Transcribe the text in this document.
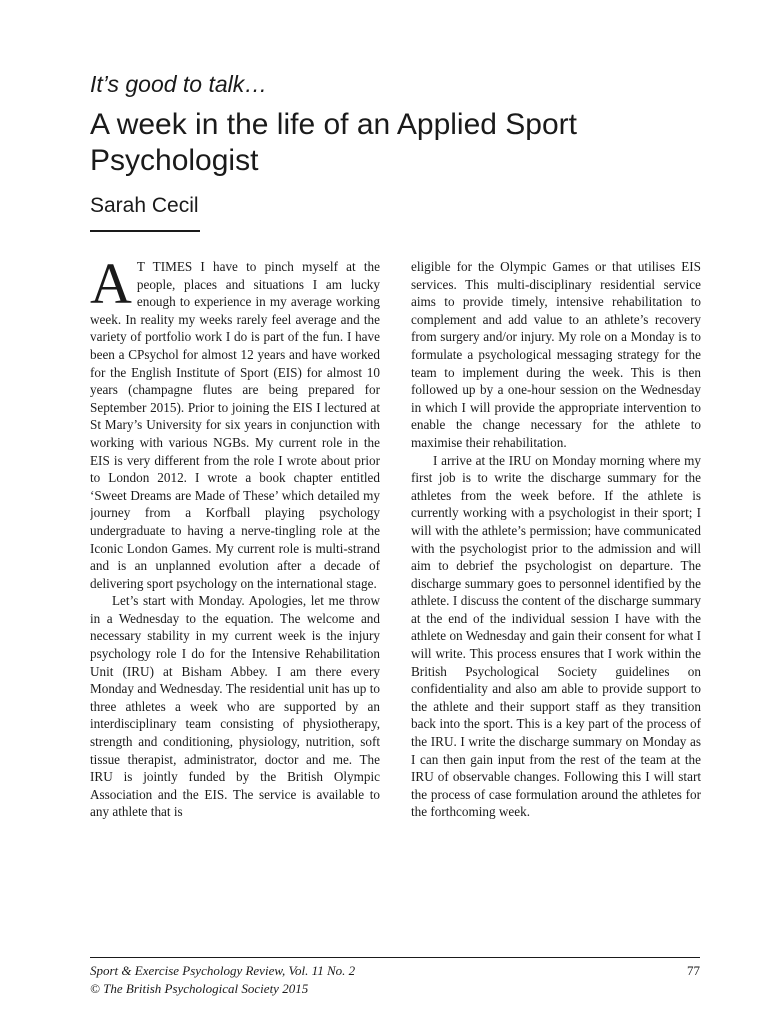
It’s good to talk…

A week in the life of an Applied Sport Psychologist

Sarah Cecil

A T TIMES I have to pinch myself at the people, places and situations I am lucky enough to experience in my average working week. In reality my weeks rarely feel average and the variety of portfolio work I do is part of the fun. I have been a CPsychol for almost 12 years and have worked for the English Institute of Sport (EIS) for almost 10 years (champagne flutes are being prepared for September 2015). Prior to joining the EIS I lectured at St Mary’s University for six years in conjunction with working with various NGBs. My current role in the EIS is very different from the role I wrote about prior to London 2012. I wrote a book chapter entitled ‘Sweet Dreams are Made of These’ which detailed my journey from a Korfball playing psychology undergraduate to having a nerve-tingling role at the Iconic London Games. My current role is multi-strand and is an unplanned evolution after a decade of delivering sport psychology on the international stage.

Let’s start with Monday. Apologies, let me throw in a Wednesday to the equation. The welcome and necessary stability in my current week is the injury psychology role I do for the Intensive Rehabilitation Unit (IRU) at Bisham Abbey. I am there every Monday and Wednesday. The residential unit has up to three athletes a week who are supported by an interdisciplinary team consisting of physiotherapy, strength and conditioning, physiology, nutrition, soft tissue therapist, administrator, doctor and me. The IRU is jointly funded by the British Olympic Association and the EIS. The service is available to any athlete that is

eligible for the Olympic Games or that utilises EIS services. This multi-disciplinary residential service aims to provide timely, intensive rehabilitation to complement and add value to an athlete’s recovery from surgery and/or injury. My role on a Monday is to formulate a psychological messaging strategy for the team to implement during the week. This is then followed up by a one-hour session on the Wednesday in which I will provide the appropriate intervention to enable the change necessary for the athlete to maximise their rehabilitation.

I arrive at the IRU on Monday morning where my first job is to write the discharge summary for the athletes from the week before. If the athlete is currently working with a psychologist in their sport; I will with the athlete’s permission; have communicated with the psychologist prior to the admission and will aim to debrief the psychologist on departure. The discharge summary goes to personnel identified by the athlete. I discuss the content of the discharge summary at the end of the individual session I have with the athlete on Wednesday and gain their consent for what I will write. This process ensures that I work within the British Psychological Society guidelines on confidentiality and also am able to provide support to the athlete and their support staff as they transition back into the sport. This is a key part of the process of the IRU. I write the discharge summary on Monday as I can then gain input from the rest of the team at the IRU of observable changes. Following this I will start the process of case formulation around the athletes for the forthcoming week.

Sport & Exercise Psychology Review, Vol. 11 No. 2
© The British Psychological Society 2015
77
